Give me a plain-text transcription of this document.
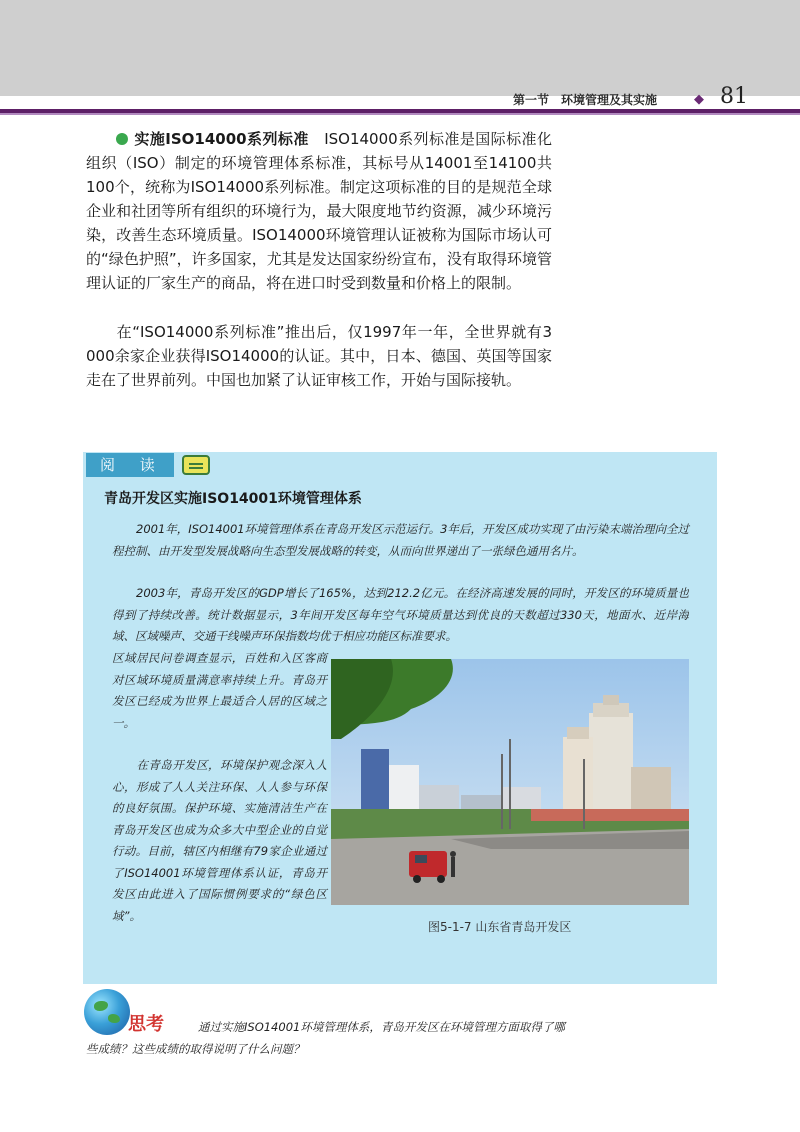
第一节　环境管理及其实施	◆ 81
实施ISO14000系列标准　 ISO14000系列标准是国际标准化组织（ISO）制定的环境管理体系标准，其标号从14001至14100共100个，统称为ISO14000系列标准。制定这项标准的目的是规范全球企业和社团等所有组织的环境行为，最大限度地节约资源，减少环境污染，改善生态环境质量。ISO14000环境管理认证被称为国际市场认可的“绿色护照”，许多国家，尤其是发达国家纷纷宣布，没有取得环境管理认证的厂家生产的商品，将在进口时受到数量和价格上的限制。
在“ISO14000系列标准”推出后，仅1997年一年，全世界就有3 000余家企业获得ISO14000的认证。其中，日本、德国、英国等国家走在了世界前列。中国也加紧了认证审核工作，开始与国际接轨。
阅 读
青岛开发区实施ISO14001环境管理体系
2001年，ISO14001环境管理体系在青岛开发区示范运行。3年后，开发区成功实现了由污染末端治理向全过程控制、由开发型发展战略向生态型发展战略的转变，从而向世界递出了一张绿色通用名片。
2003年，青岛开发区的GDP增长了165%，达到212.2亿元。在经济高速发展的同时，开发区的环境质量也得到了持续改善。统计数据显示，3年间开发区每年空气环境质量达到优良的天数超过330天，地面水、近岸海域、区域噪声、交通干线噪声环保指数均优于相应功能区标准要求。
区域居民问卷调查显示，百姓和入区客商对区域环境质量满意率持续上升。青岛开发区已经成为世界上最适合人居的区域之一。
在青岛开发区，环境保护观念深入人心，形成了人人关注环保、人人参与环保的良好氛围。保护环境、实施清洁生产在青岛开发区也成为众多大中型企业的自觉行动。目前，辖区内相继有79家企业通过了ISO14001环境管理体系认证，青岛开发区由此进入了国际惯例要求的“绿色区域”。
图5-1-7 山东省青岛开发区
思考	通过实施ISO14001环境管理体系，青岛开发区在环境管理方面取得了哪些成绩？这些成绩的取得说明了什么问题？
